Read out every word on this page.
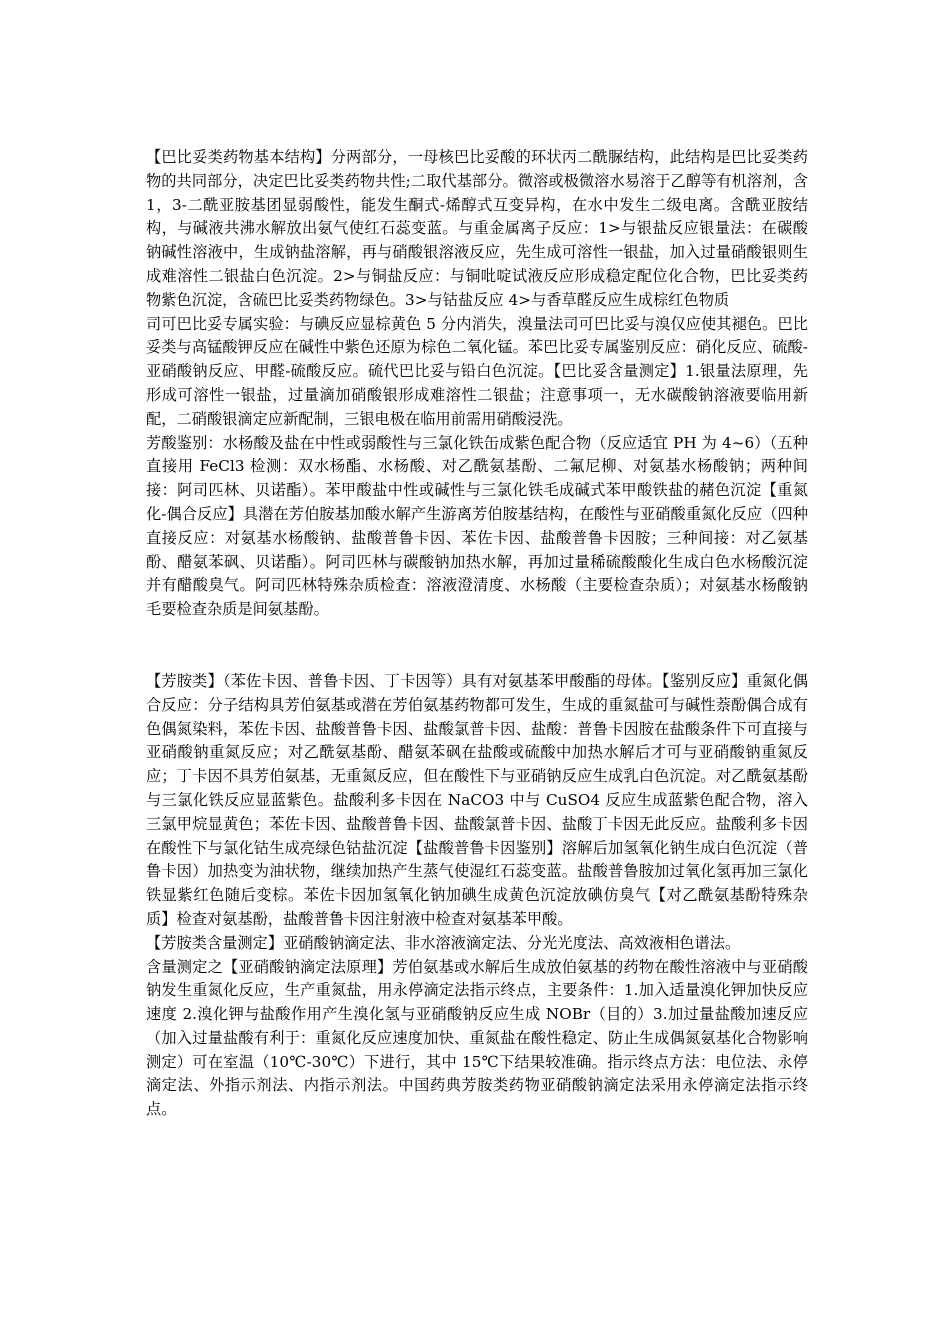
【巴比妥类药物基本结构】分两部分，一母核巴比妥酸的环状丙二酰脲结构，此结构是巴比妥类药物的共同部分，决定巴比妥类药物共性;二取代基部分。微溶或极微溶水易溶于乙醇等有机溶剂，含 1，3-二酰亚胺基团显弱酸性，能发生酮式-烯醇式互变异构，在水中发生二级电离。含酰亚胺结构，与碱液共沸水解放出氨气使红石蕊变蓝。与重金属离子反应：1>与银盐反应银量法：在碳酸钠碱性溶液中，生成钠盐溶解，再与硝酸银溶液反应，先生成可溶性一银盐，加入过量硝酸银则生成难溶性二银盐白色沉淀。2>与铜盐反应：与铜吡啶试液反应形成稳定配位化合物，巴比妥类药物紫色沉淀，含硫巴比妥类药物绿色。3>与钴盐反应 4>与香草醛反应生成棕红色物质

司可巴比妥专属实验：与碘反应显棕黄色 5 分内消失，溴量法司可巴比妥与溴仅应使其褪色。巴比妥类与高锰酸钾反应在碱性中紫色还原为棕色二氧化锰。苯巴比妥专属鉴别反应：硝化反应、硫酸-亚硝酸钠反应、甲醛-硫酸反应。硫代巴比妥与铅白色沉淀。【巴比妥含量测定】1.银量法原理，先形成可溶性一银盐，过量滴加硝酸银形成难溶性二银盐；注意事项一，无水碳酸钠溶液要临用新配，二硝酸银滴定应新配制，三银电极在临用前需用硝酸浸洗。

芳酸鉴别：水杨酸及盐在中性或弱酸性与三氯化铁缶成紫色配合物（反应适宜 PH 为 4~6）（五种直接用 FeCl3 检测：双水杨酯、水杨酸、对乙酰氨基酚、二氟尼柳、对氨基水杨酸钠；两种间接：阿司匹林、贝诺酯）。苯甲酸盐中性或碱性与三氯化铁毛成碱式苯甲酸铁盐的赭色沉淀【重氮化-偶合反应】具潜在芳伯胺基加酸水解产生游离芳伯胺基结构，在酸性与亚硝酸重氮化反应（四种直接反应：对氨基水杨酸钠、盐酸普鲁卡因、苯佐卡因、盐酸普鲁卡因胺；三种间接：对乙氨基酚、醋氨苯砜、贝诺酯）。阿司匹林与碳酸钠加热水解，再加过量稀硫酸酸化生成白色水杨酸沉淀并有醋酸臭气。阿司匹林特殊杂质检查：溶液澄清度、水杨酸（主要检查杂质）；对氨基水杨酸钠毛要检查杂质是间氨基酚。

【芳胺类】（苯佐卡因、普鲁卡因、丁卡因等）具有对氨基苯甲酸酯的母体。【鉴别反应】重氮化偶合反应：分子结构具芳伯氨基或潜在芳伯氨基药物都可发生，生成的重氮盐可与碱性萘酚偶合成有色偶氮染料，苯佐卡因、盐酸普鲁卡因、盐酸氯普卡因、盐酸：普鲁卡因胺在盐酸条件下可直接与亚硝酸钠重氮反应；对乙酰氨基酚、醋氨苯砜在盐酸或硫酸中加热水解后才可与亚硝酸钠重氮反应；丁卡因不具芳伯氨基，无重氮反应，但在酸性下与亚硝钠反应生成乳白色沉淀。对乙酰氨基酚与三氯化铁反应显蓝紫色。盐酸利多卡因在 NaCO3 中与 CuSO4 反应生成蓝紫色配合物，溶入三氯甲烷显黄色；苯佐卡因、盐酸普鲁卡因、盐酸氯普卡因、盐酸丁卡因无此反应。盐酸利多卡因在酸性下与氯化钴生成亮绿色钴盐沉淀【盐酸普鲁卡因鉴别】溶解后加氢氧化钠生成白色沉淀（普鲁卡因）加热变为油状物，继续加热产生蒸气使湿红石蕊变蓝。盐酸普鲁胺加过氧化氢再加三氯化铁显紫红色随后变棕。苯佐卡因加氢氧化钠加碘生成黄色沉淀放碘仿臭气【对乙酰氨基酚特殊杂质】检查对氨基酚，盐酸普鲁卡因注射液中检查对氨基苯甲酸。

【芳胺类含量测定】亚硝酸钠滴定法、非水溶液滴定法、分光光度法、高效液相色谱法。

含量测定之【亚硝酸钠滴定法原理】芳伯氨基或水解后生成放伯氨基的药物在酸性溶液中与亚硝酸钠发生重氮化反应，生产重氮盐，用永停滴定法指示终点，主要条件：1.加入适量溴化钾加快反应速度 2.溴化钾与盐酸作用产生溴化氢与亚硝酸钠反应生成 NOBr（目的）3.加过量盐酸加速反应（加入过量盐酸有利于：重氮化反应速度加快、重氮盐在酸性稳定、防止生成偶氮氨基化合物影响测定）可在室温（10℃-30℃）下进行，其中 15℃下结果较准确。指示终点方法：电位法、永停滴定法、外指示剂法、内指示剂法。中国药典芳胺类药物亚硝酸钠滴定法采用永停滴定法指示终点。
